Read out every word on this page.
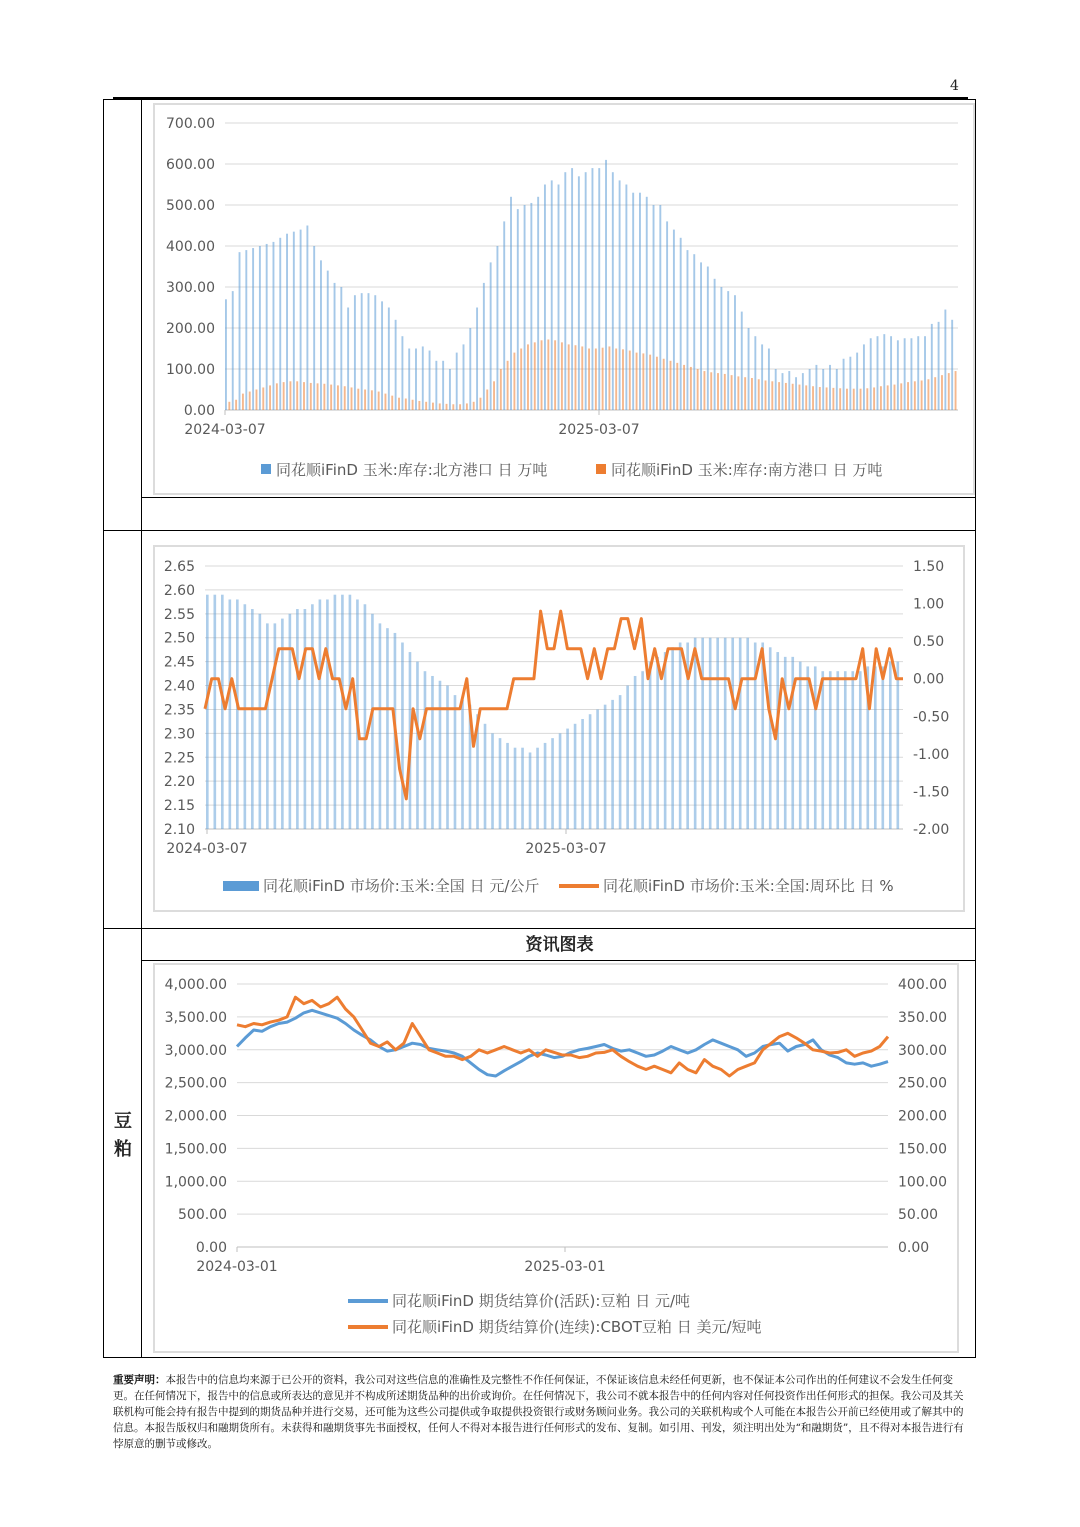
4
0.00
100.00
200.00
300.00
400.00
500.00
600.00
700.00
2024-03-07	2025-03-07
同花顺iFinD 玉米:库存:北方港口 日 万吨	同花顺iFinD 玉米:库存:南方港口 日 万吨
2.10
2.15
2.20
2.25
2.30
2.35
2.40
2.45
2.50
2.55
2.60
2.65
-2.00
-1.50
-1.00
-0.50
0.00
0.50
1.00
1.50
2024-03-07	2025-03-07
同花顺iFinD 市场价:玉米:全国 日 元/公斤	同花顺iFinD 市场价:玉米:全国:周环比 日 %
资讯图表
豆
粕
0.00
500.00
1,000.00
1,500.00
2,000.00
2,500.00
3,000.00
3,500.00
4,000.00
0.00
50.00
100.00
150.00
200.00
250.00
300.00
350.00
400.00
2024-03-01	2025-03-01
同花顺iFinD 期货结算价(活跃):豆粕 日 元/吨
同花顺iFinD 期货结算价(连续):CBOT豆粕 日 美元/短吨
重要声明：本报告中的信息均来源于已公开的资料，我公司对这些信息的准确性及完整性不作任何保证，不保证该信息未经任何更新，也不保证本公司作出的任何建议不会发生任何变更。在任何情况下，报告中的信息或所表达的意见并不构成所述期货品种的出价或询价。在任何情况下，我公司不就本报告中的任何内容对任何投资作出任何形式的担保。我公司及其关联机构可能会持有报告中提到的期货品种并进行交易，还可能为这些公司提供或争取提供投资银行或财务顾问业务。我公司的关联机构或个人可能在本报告公开前已经使用或了解其中的信息。本报告版权归和融期货所有。未获得和融期货事先书面授权，任何人不得对本报告进行任何形式的发布、复制。如引用、刊发，须注明出处为“和融期货”，且不得对本报告进行有悖原意的删节或修改。
